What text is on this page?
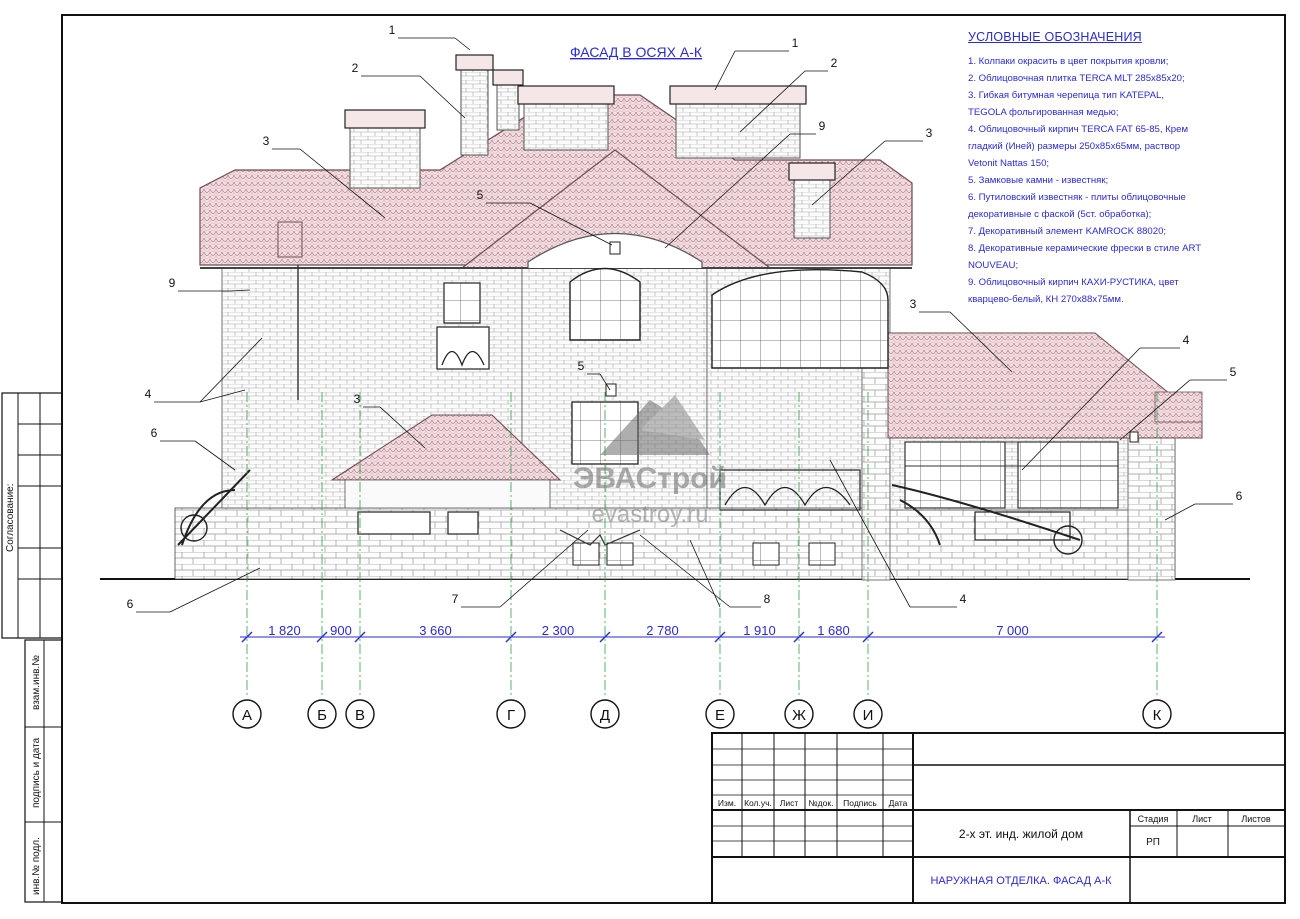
ЭВАСтрой
evastroy.ru
1 820 900	3 660	2 300	2 780	1 910	1 680	7 000
А	Б В	Г	Д	Е	Ж	И	К
1
2
1
2
3
9	3
5
9
3
4
5
3
6
4
5
7	8
6	4
6
ФАСАД В ОСЯХ А-К
Согласование:
взам.инв.№
подпись и дата
инв.№ подл.
Изм. Кол.уч. Лист №док. Подпись Дата
2-х эт. инд. жилой дом
НАРУЖНАЯ ОТДЕЛКА. ФАСАД А-К
Стадия	Лист	Листов
РП
УСЛОВНЫЕ ОБОЗНАЧЕНИЯ
1. Колпаки окрасить в цвет покрытия кровли;
2. Облицовочная плитка TERCA MLT 285x85x20;
3. Гибкая битумная черепица тип KATEPAL,
TEGOLA фольгированная медью;
4. Облицовочный кирпич TERCA FAT 65-85, Крем
гладкий (Иней) размеры 250x85x65мм, раствор
Vetonit Nattas 150;
5. Замковые камни - известняк;
6. Путиловский известняк - плиты облицовочные
декоративные с фаской (5ст. обработка);
7. Декоративный элемент KAMROCK 88020;
8. Декоративные керамические фрески в стиле ART
NOUVEAU;
9. Облицовочный кирпич КАХИ-РУСТИКА, цвет
кварцево-белый, КН 270x88x75мм.
